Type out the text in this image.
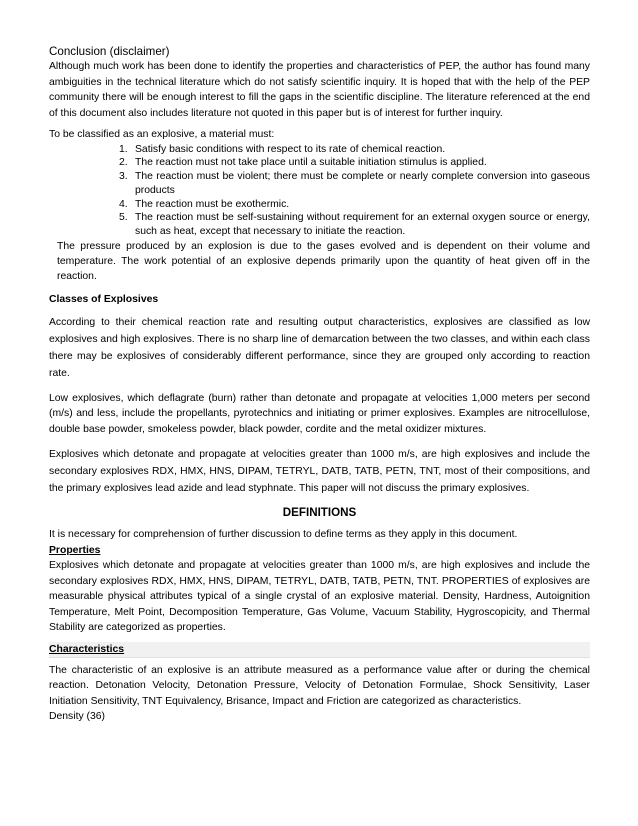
Conclusion (disclaimer)

Although much work has been done to identify the properties and characteristics of PEP, the author has found many ambiguities in the technical literature which do not satisfy scientific inquiry. It is hoped that with the help of the PEP community there will be enough interest to fill the gaps in the scientific discipline. The literature referenced at the end of this document also includes literature not quoted in this paper but is of interest for further inquiry.

To be classified as an explosive, a material must:

1. Satisfy basic conditions with respect to its rate of chemical reaction.
2. The reaction must not take place until a suitable initiation stimulus is applied.
3. The reaction must be violent; there must be complete or nearly complete conversion into gaseous products
4. The reaction must be exothermic.
5. The reaction must be self-sustaining without requirement for an external oxygen source or energy, such as heat, except that necessary to initiate the reaction.

The pressure produced by an explosion is due to the gases evolved and is dependent on their volume and temperature. The work potential of an explosive depends primarily upon the quantity of heat given off in the reaction.

Classes of Explosives

According to their chemical reaction rate and resulting output characteristics, explosives are classified as low explosives and high explosives. There is no sharp line of demarcation between the two classes, and within each class there may be explosives of considerably different performance, since they are grouped only according to reaction rate.

Low explosives, which deflagrate (burn) rather than detonate and propagate at velocities 1,000 meters per second (m/s) and less, include the propellants, pyrotechnics and initiating or primer explosives. Examples are nitrocellulose, double base powder, smokeless powder, black powder, cordite and the metal oxidizer mixtures.

Explosives which detonate and propagate at velocities greater than 1000 m/s, are high explosives and include the secondary explosives RDX, HMX, HNS, DIPAM, TETRYL, DATB, TATB, PETN, TNT, most of their compositions, and the primary explosives lead azide and lead styphnate. This paper will not discuss the primary explosives.

DEFINITIONS

It is necessary for comprehension of further discussion to define terms as they apply in this document.

Properties

Explosives which detonate and propagate at velocities greater than 1000 m/s, are high explosives and include the secondary explosives RDX, HMX, HNS, DIPAM, TETRYL, DATB, TATB, PETN, TNT. PROPERTIES of explosives are measurable physical attributes typical of a single crystal of an explosive material. Density, Hardness, Autoignition Temperature, Melt Point, Decomposition Temperature, Gas Volume, Vacuum Stability, Hygroscopicity, and Thermal Stability are categorized as properties.

Characteristics

The characteristic of an explosive is an attribute measured as a performance value after or during the chemical reaction. Detonation Velocity, Detonation Pressure, Velocity of Detonation Formulae, Shock Sensitivity, Laser Initiation Sensitivity, TNT Equivalency, Brisance, Impact and Friction are categorized as characteristics.

Density (36)
